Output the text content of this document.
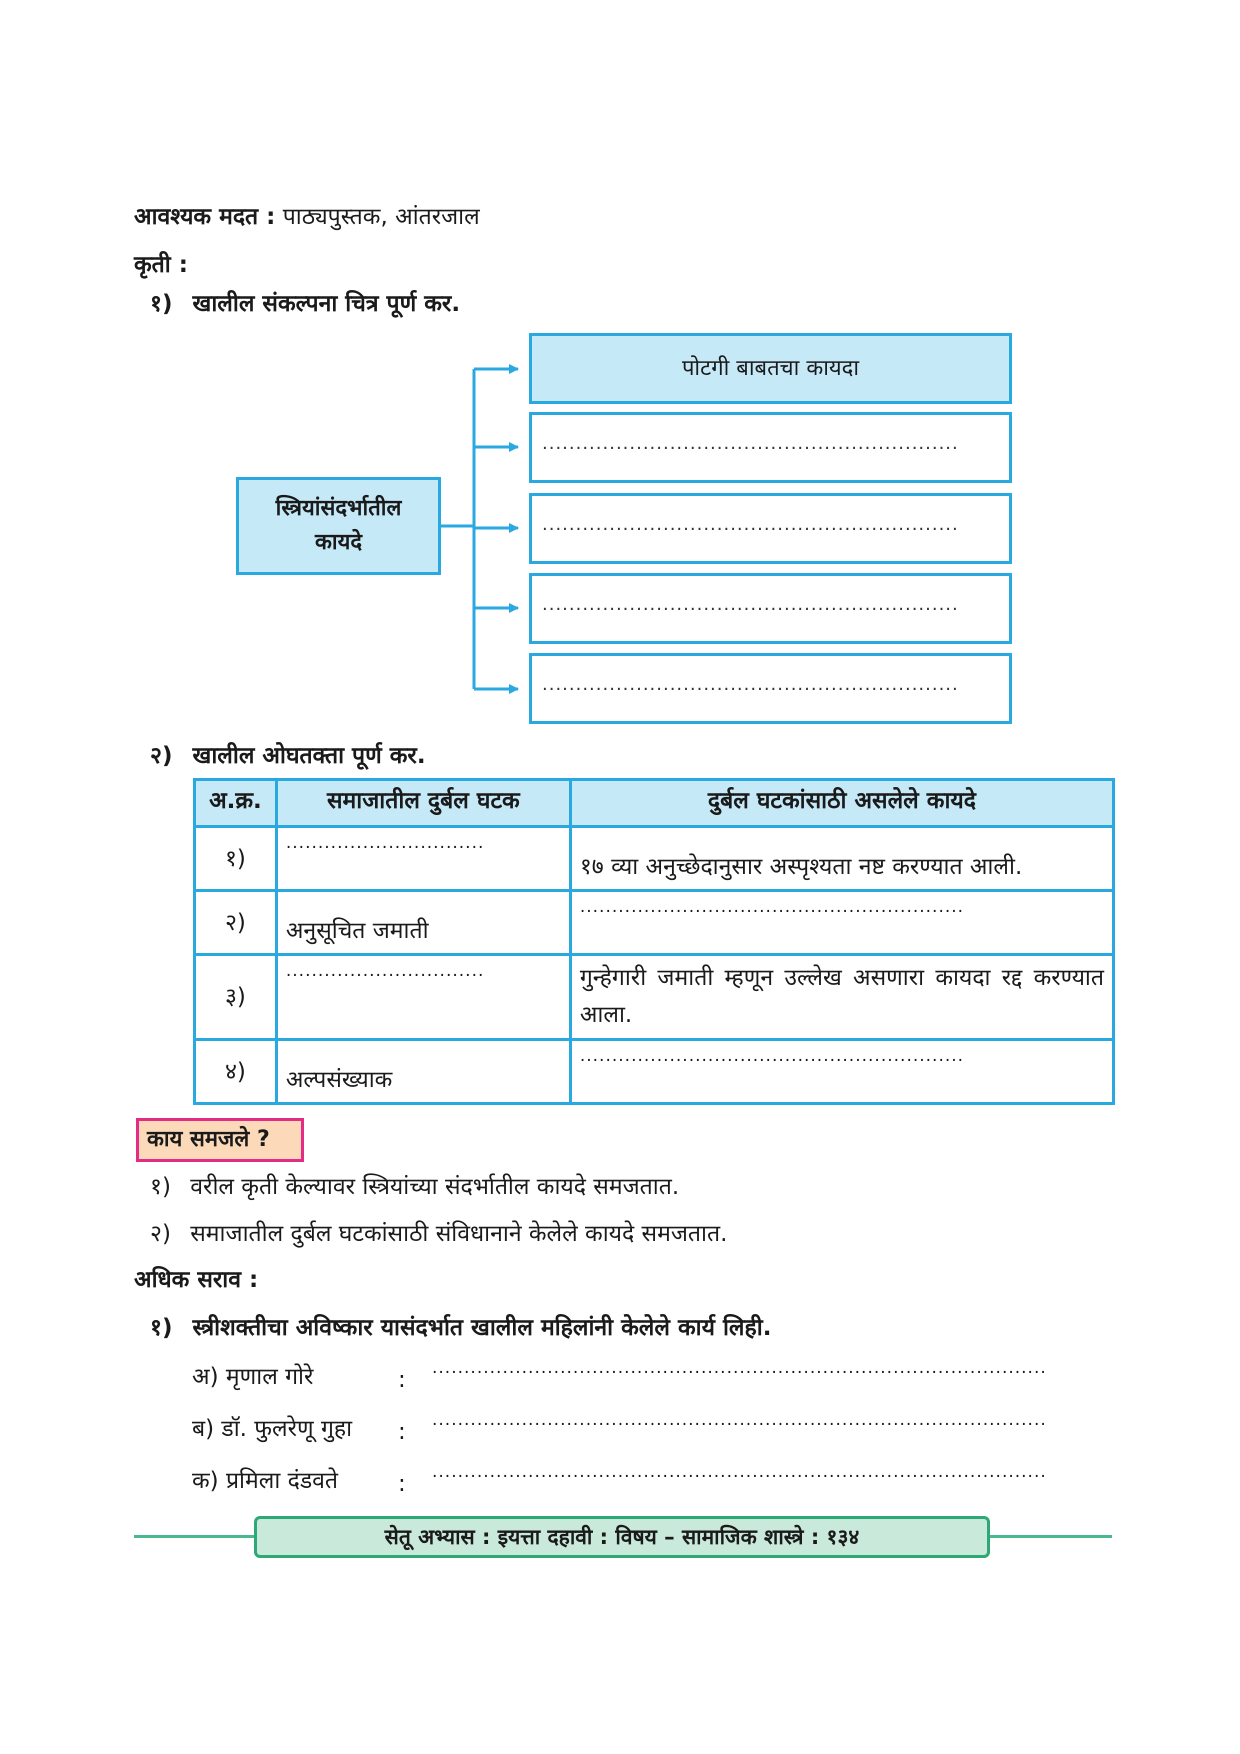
आवश्यक मदत : पाठ्यपुस्तक, आंतरजाल
कृती :
१) खालील संकल्पना चित्र पूर्ण कर.
स्त्रियांसंदर्भातील
कायदे
पोटगी बाबतचा कायदा
..............................................................
..............................................................
..............................................................
..............................................................
२) खालील ओघतक्ता पूर्ण कर.
अ.क्र.	समाजातील दुर्बल घटक	दुर्बल घटकांसाठी असलेले कायदे
१)	...............................	१७ व्या अनुच्छेदानुसार अस्पृश्यता नष्ट करण्यात आली.
२)	अनुसूचित जमाती	............................................................
३)	...............................	गुन्हेगारी जमाती म्हणून उल्लेख असणारा कायदा रद्द करण्यात आला.
४)	अल्पसंख्याक	............................................................
काय समजले ?
१) वरील कृती केल्यावर स्त्रियांच्या संदर्भातील कायदे समजतात.
२) समाजातील दुर्बल घटकांसाठी संविधानाने केलेले कायदे समजतात.
अधिक सराव :
१) स्त्रीशक्तीचा अविष्कार यासंदर्भात खालील महिलांनी केलेले कार्य लिही.
अ) मृणाल गोरे	: ................................................................................................
ब) डॉ. फुलरेणू गुहा : ................................................................................................
क) प्रमिला दंडवते	: ................................................................................................
सेतू अभ्यास : इयत्ता दहावी : विषय – सामाजिक शास्त्रे : १३४
